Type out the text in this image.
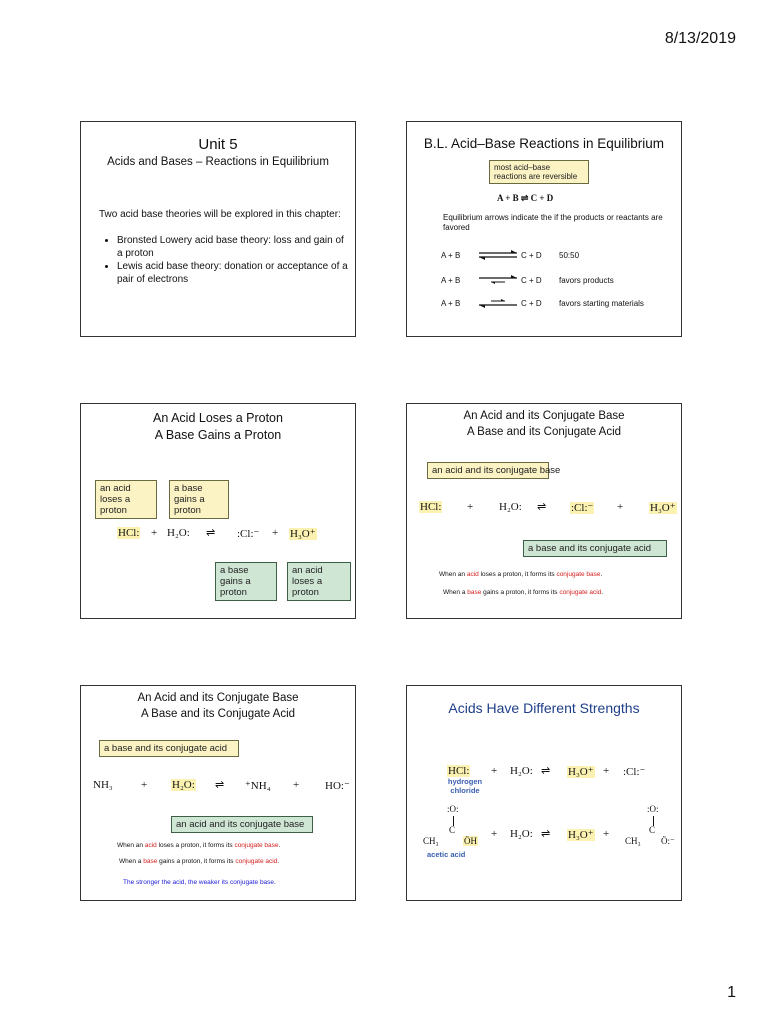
8/13/2019
Unit 5
Acids and Bases – Reactions in Equilibrium
Two acid base theories will be explored in this chapter:
• Bronsted Lowery acid base theory: loss and gain of a proton
• Lewis acid base theory: donation or acceptance of a pair of electrons
B.L. Acid–Base Reactions in Equilibrium
most acid–base reactions are reversible
A + B ⇌ C + D
Equilibrium arrows indicate the if the products or reactants are favored
A + B ⇌ C + D 50:50
A + B	C + D favors products
A + B	C + D favors starting materials
An Acid Loses a Proton
A Base Gains a Proton
an acid loses a proton
a base gains a proton
HCl: + H₂O: ⇌ :Cl:⁻ + H₃O⁺
a base gains a proton
an acid loses a proton
An Acid and its Conjugate Base
A Base and its Conjugate Acid
an acid and its conjugate base
HCl: + H₂O: ⇌ :Cl:⁻ + H₃O⁺
a base and its conjugate acid
When an acid loses a proton, it forms its conjugate base.
When a base gains a proton, it forms its conjugate acid.
An Acid and its Conjugate Base
A Base and its Conjugate Acid
a base and its conjugate acid
NH₃	+ H₂O: ⇌ ⁺NH₄ + HO:⁻
an acid and its conjugate base
When an acid loses a proton, it forms its conjugate base.
When a base gains a proton, it forms its conjugate acid.
The stronger the acid, the weaker its conjugate base.
Acids Have Different Strengths
HCl:
hydrogen chloride
+ H₂O: ⇌ H₃O⁺ + :Cl:⁻
:O:
C
CH₃	ÖH
acetic acid
+ H₂O: ⇌ H₃O⁺ +
:O:
C
CH₃ Ö:⁻
1
